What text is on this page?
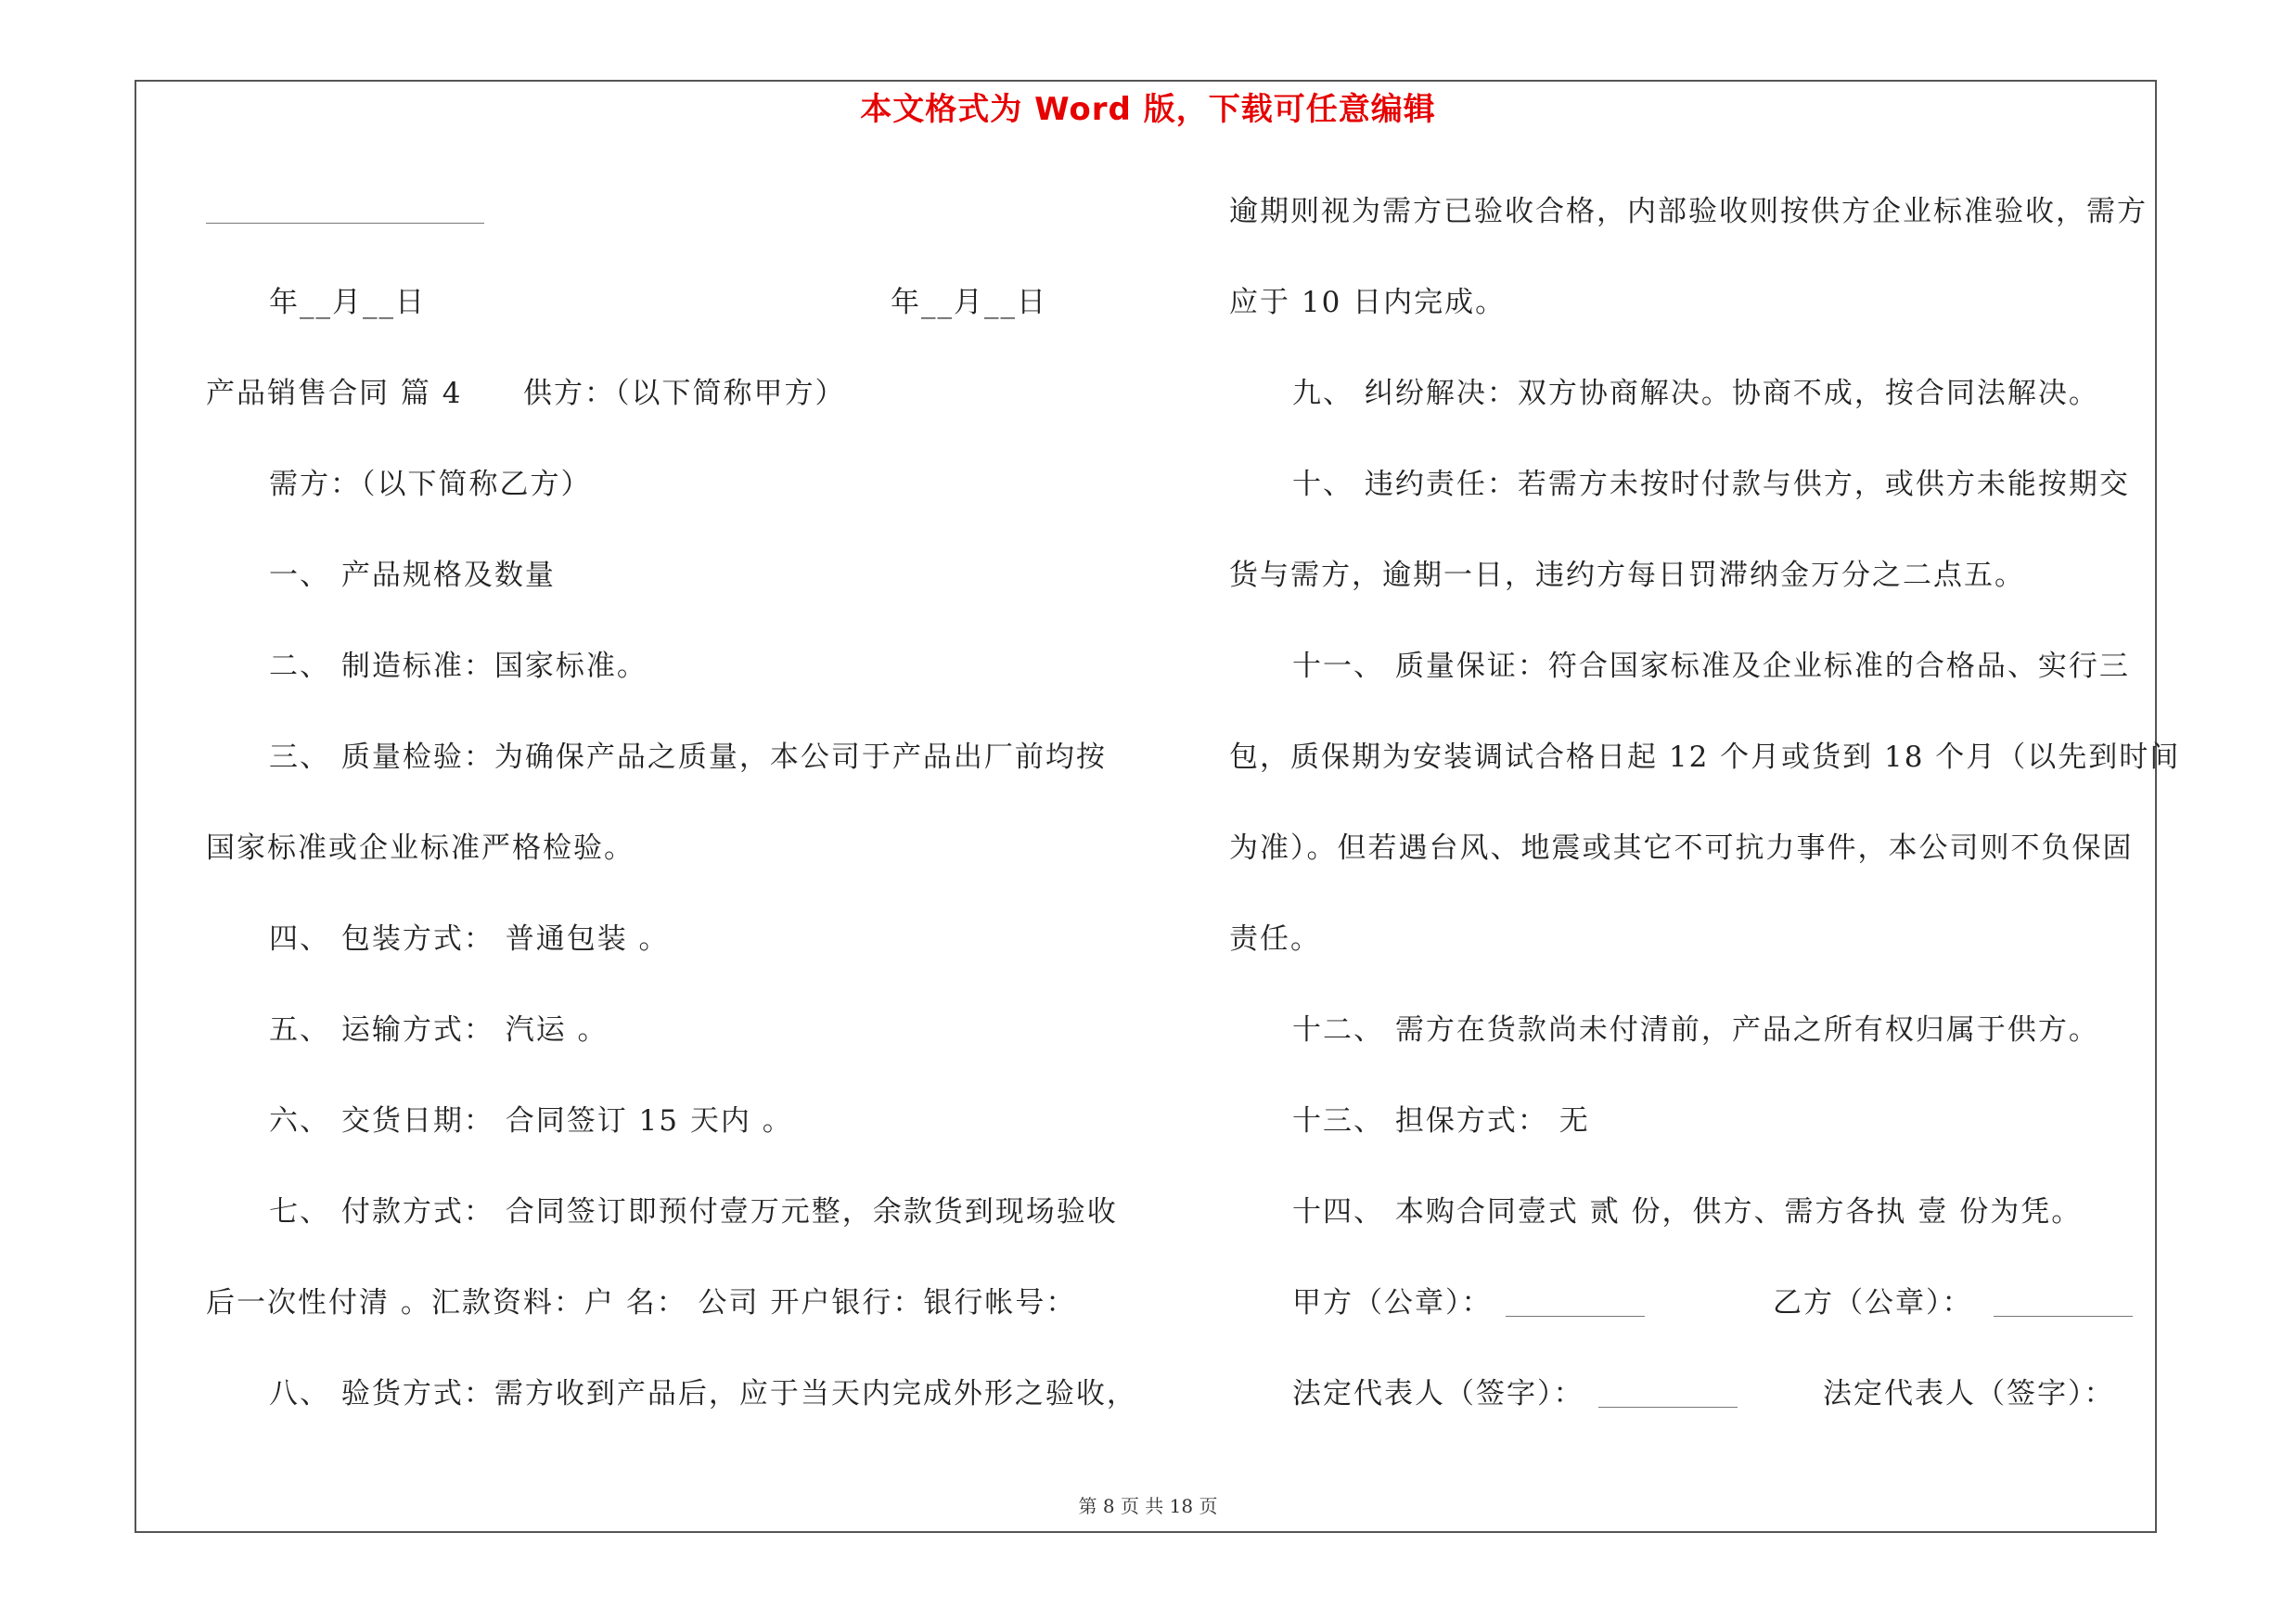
本文格式为 Word 版，下载可任意编辑
年__月__日	年__月__日
产品销售合同 篇 4 供方：（以下简称甲方）
需方：（以下简称乙方）
一、 产品规格及数量
二、 制造标准：国家标准。
三、 质量检验：为确保产品之质量，本公司于产品出厂前均按
国家标准或企业标准严格检验。
四、 包装方式： 普通包装 。
五、 运输方式： 汽运 。
六、 交货日期： 合同签订 15 天内 。
七、 付款方式： 合同签订即预付壹万元整，余款货到现场验收
后一次性付清 。汇款资料：户 名： 公司 开户银行：银行帐号：
八、 验货方式：需方收到产品后，应于当天内完成外形之验收，
逾期则视为需方已验收合格，内部验收则按供方企业标准验收，需方
应于 10 日内完成。
九、 纠纷解决：双方协商解决。协商不成，按合同法解决。
十、 违约责任：若需方未按时付款与供方，或供方未能按期交
货与需方，逾期一日，违约方每日罚滞纳金万分之二点五。
十一、 质量保证：符合国家标准及企业标准的合格品、实行三
包，质保期为安装调试合格日起 12 个月或货到 18 个月（以先到时间
为准）。但若遇台风、地震或其它不可抗力事件，本公司则不负保固
责任。
十二、 需方在货款尚未付清前，产品之所有权归属于供方。
十三、 担保方式： 无
十四、 本购合同壹式 贰 份，供方、需方各执 壹 份为凭。
甲方（公章）：	乙方（公章）：
法定代表人（签字）：	法定代表人（签字）：
第 8 页 共 18 页
